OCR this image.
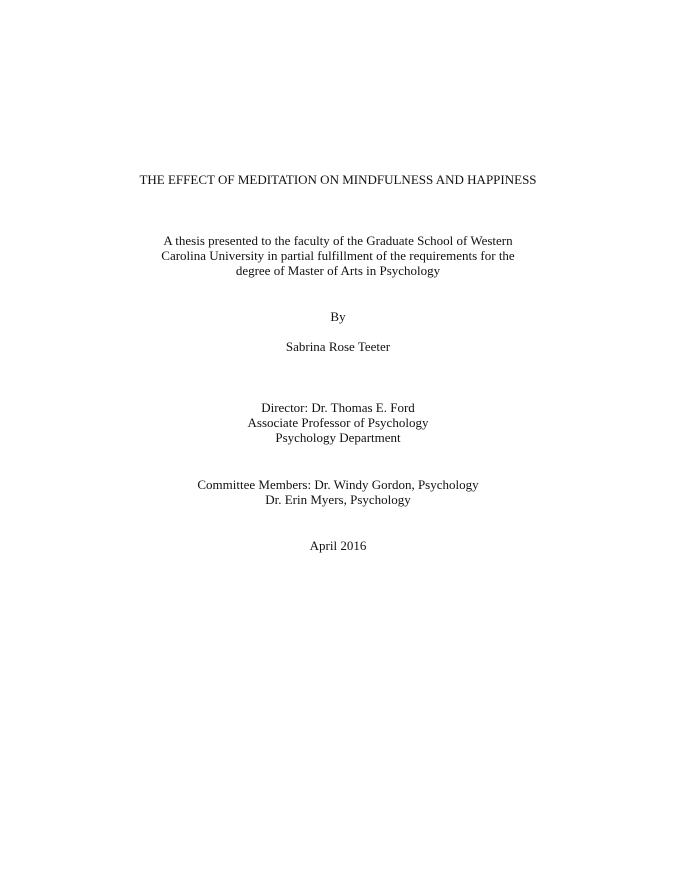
THE EFFECT OF MEDITATION ON MINDFULNESS AND HAPPINESS
A thesis presented to the faculty of the Graduate School of Western
Carolina University in partial fulfillment of the requirements for the
degree of Master of Arts in Psychology
By
Sabrina Rose Teeter
Director: Dr. Thomas E. Ford
Associate Professor of Psychology
Psychology Department
Committee Members: Dr. Windy Gordon, Psychology
Dr. Erin Myers, Psychology
April 2016
